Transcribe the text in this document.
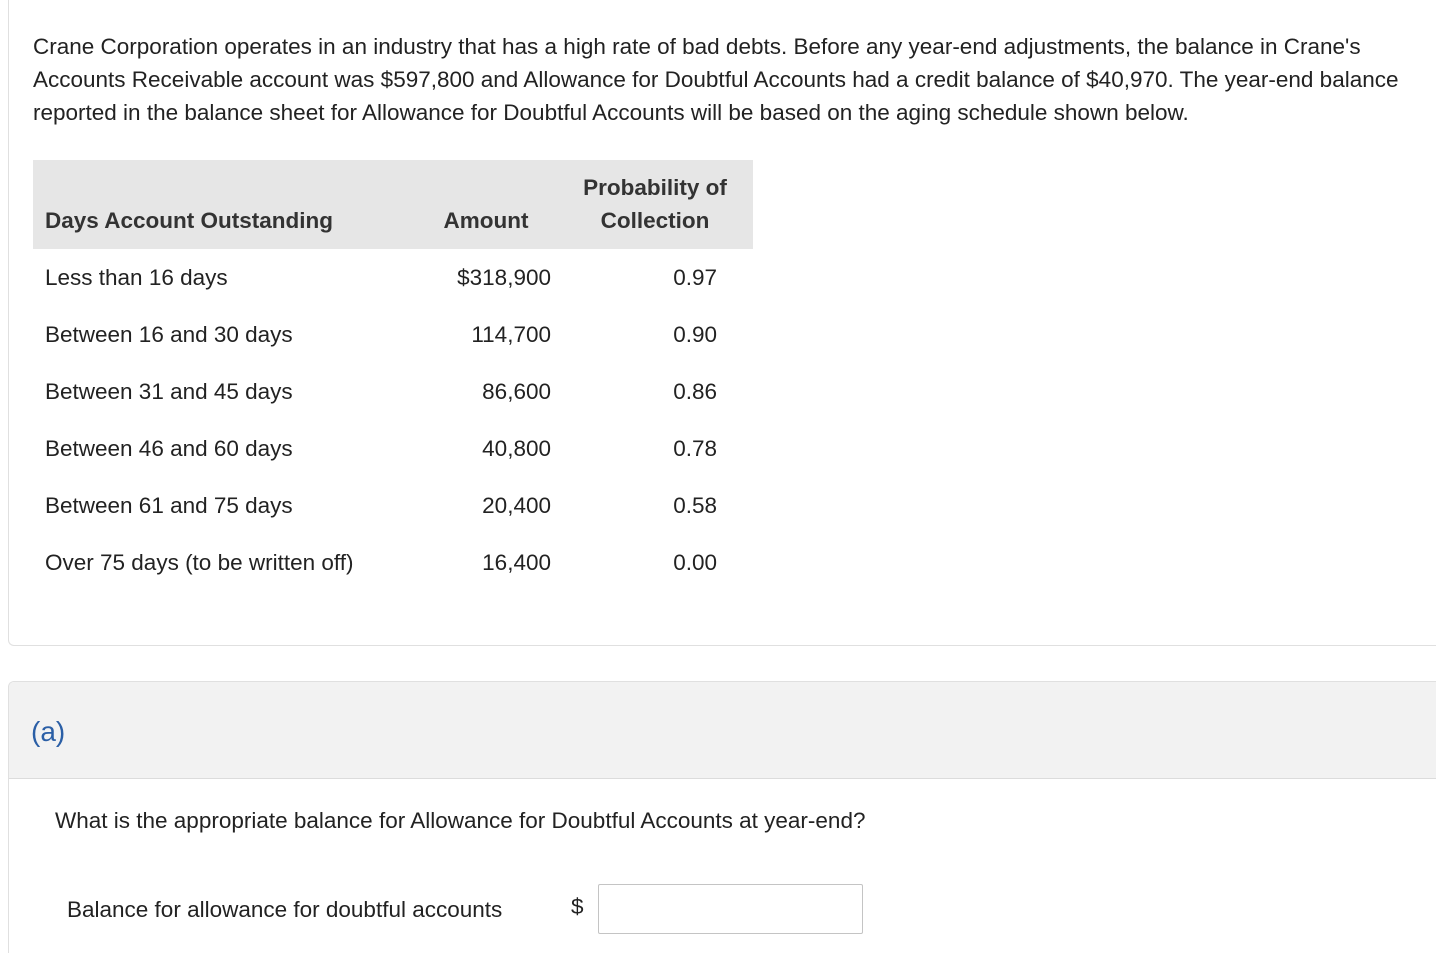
Crane Corporation operates in an industry that has a high rate of bad debts. Before any year-end adjustments, the balance in Crane's Accounts Receivable account was $597,800 and Allowance for Doubtful Accounts had a credit balance of $40,970. The year-end balance reported in the balance sheet for Allowance for Doubtful Accounts will be based on the aging schedule shown below.

Days Account Outstanding	Amount	Probability of
Collection
Less than 16 days	$318,900	0.97
Between 16 and 30 days	114,700	0.90
Between 31 and 45 days	86,600	0.86
Between 46 and 60 days	40,800	0.78
Between 61 and 75 days	20,400	0.58
Over 75 days (to be written off)	16,400	0.00
(a)
What is the appropriate balance for Allowance for Doubtful Accounts at year-end?
Balance for allowance for doubtful accounts	$
